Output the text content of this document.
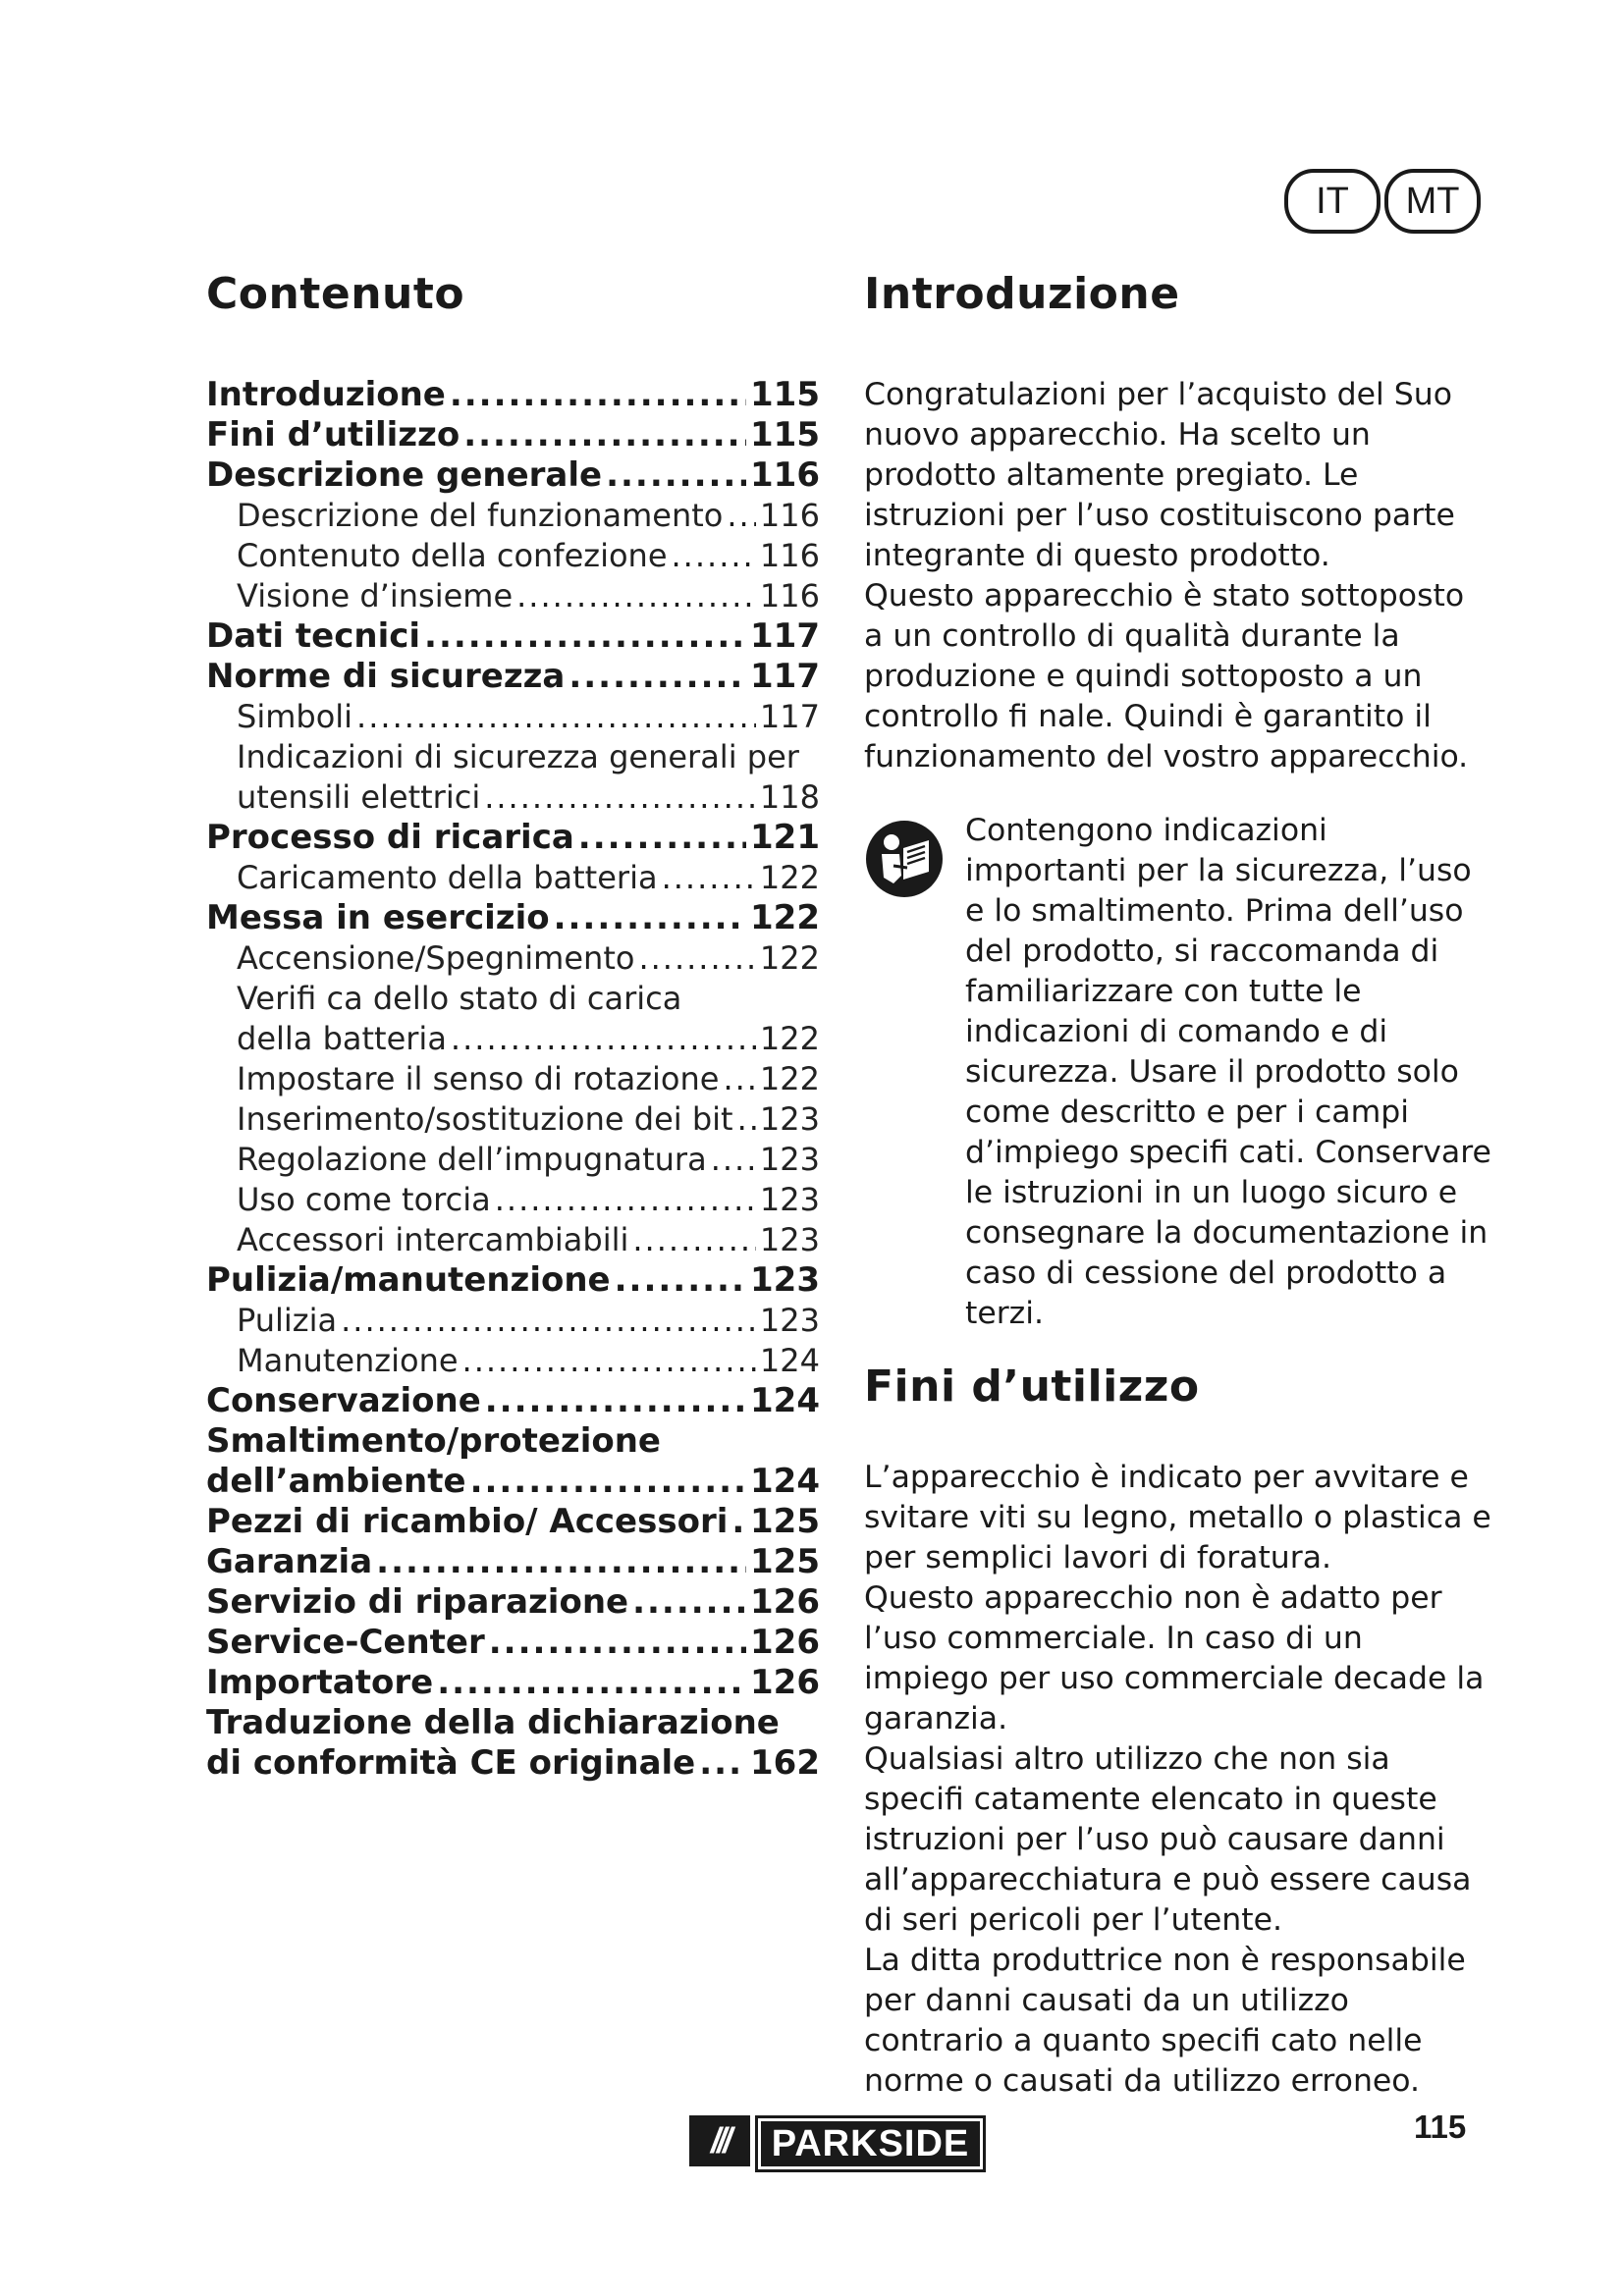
IT	MT
Contenuto
Introduzione .....	115
Fini d’utilizzo .....	115
Descrizione generale .....	116
Descrizione del funzionamento ..... 116
Contenuto della confezione .....	116
Visione d’insieme .....	116
Dati tecnici .....	117
Norme di sicurezza .....	117
Simboli .....	117
Indicazioni di sicurezza generali per
utensili elettrici .....	118
Processo di ricarica .....	121
Caricamento della batteria .....	122
Messa in esercizio .....	122
Accensione/Spegnimento .....	122
Verifi ca dello stato di carica
della batteria .....	122
Impostare il senso di rotazione ..... 122
Inserimento/sostituzione dei bit ..... 123
Regolazione dell’impugnatura ..... 123
Uso come torcia .....	123
Accessori intercambiabili .....	123
Pulizia/manutenzione .....	123
Pulizia .....	123
Manutenzione .....	124
Conservazione .....	124
Smaltimento/protezione
dell’ambiente .....	124
Pezzi di ricambio/ Accessori ..... 125
Garanzia .....	125
Servizio di riparazione .....	126
Service-Center .....	126
Importatore .....	126
Traduzione della dichiarazione
di conformità CE originale ..... 162
Introduzione

Congratulazioni per l’acquisto del Suo nuovo apparecchio. Ha scelto un prodotto altamente pregiato. Le istruzioni per l’uso costituiscono parte integrante di questo prodotto.

Questo apparecchio è stato sottoposto a un controllo di qualità durante la produzione e quindi sottoposto a un controllo fi nale. Quindi è garantito il funzionamento del vostro apparecchio.

Contengono indicazioni importanti per la sicurezza, l’uso e lo smaltimento. Prima dell’uso del prodotto, si raccomanda di familiarizzare con tutte le indicazioni di comando e di sicurezza. Usare il prodotto solo come descritto e per i campi d’impiego specifi cati. Conservare le istruzioni in un luogo sicuro e consegnare la documentazione in caso di cessione del prodotto a terzi.

Fini d’utilizzo

L’apparecchio è indicato per avvitare e svitare viti su legno, metallo o plastica e per semplici lavori di foratura.

Questo apparecchio non è adatto per l’uso commerciale. In caso di un impiego per uso commerciale decade la garanzia.

Qualsiasi altro utilizzo che non sia specifi catamente elencato in queste istruzioni per l’uso può causare danni all’apparecchiatura e può essere causa di seri pericoli per l’utente.

La ditta produttrice non è responsabile per danni causati da un utilizzo contrario a quanto specifi cato nelle norme o causati da utilizzo erroneo.

///	PARKSIDE	115
